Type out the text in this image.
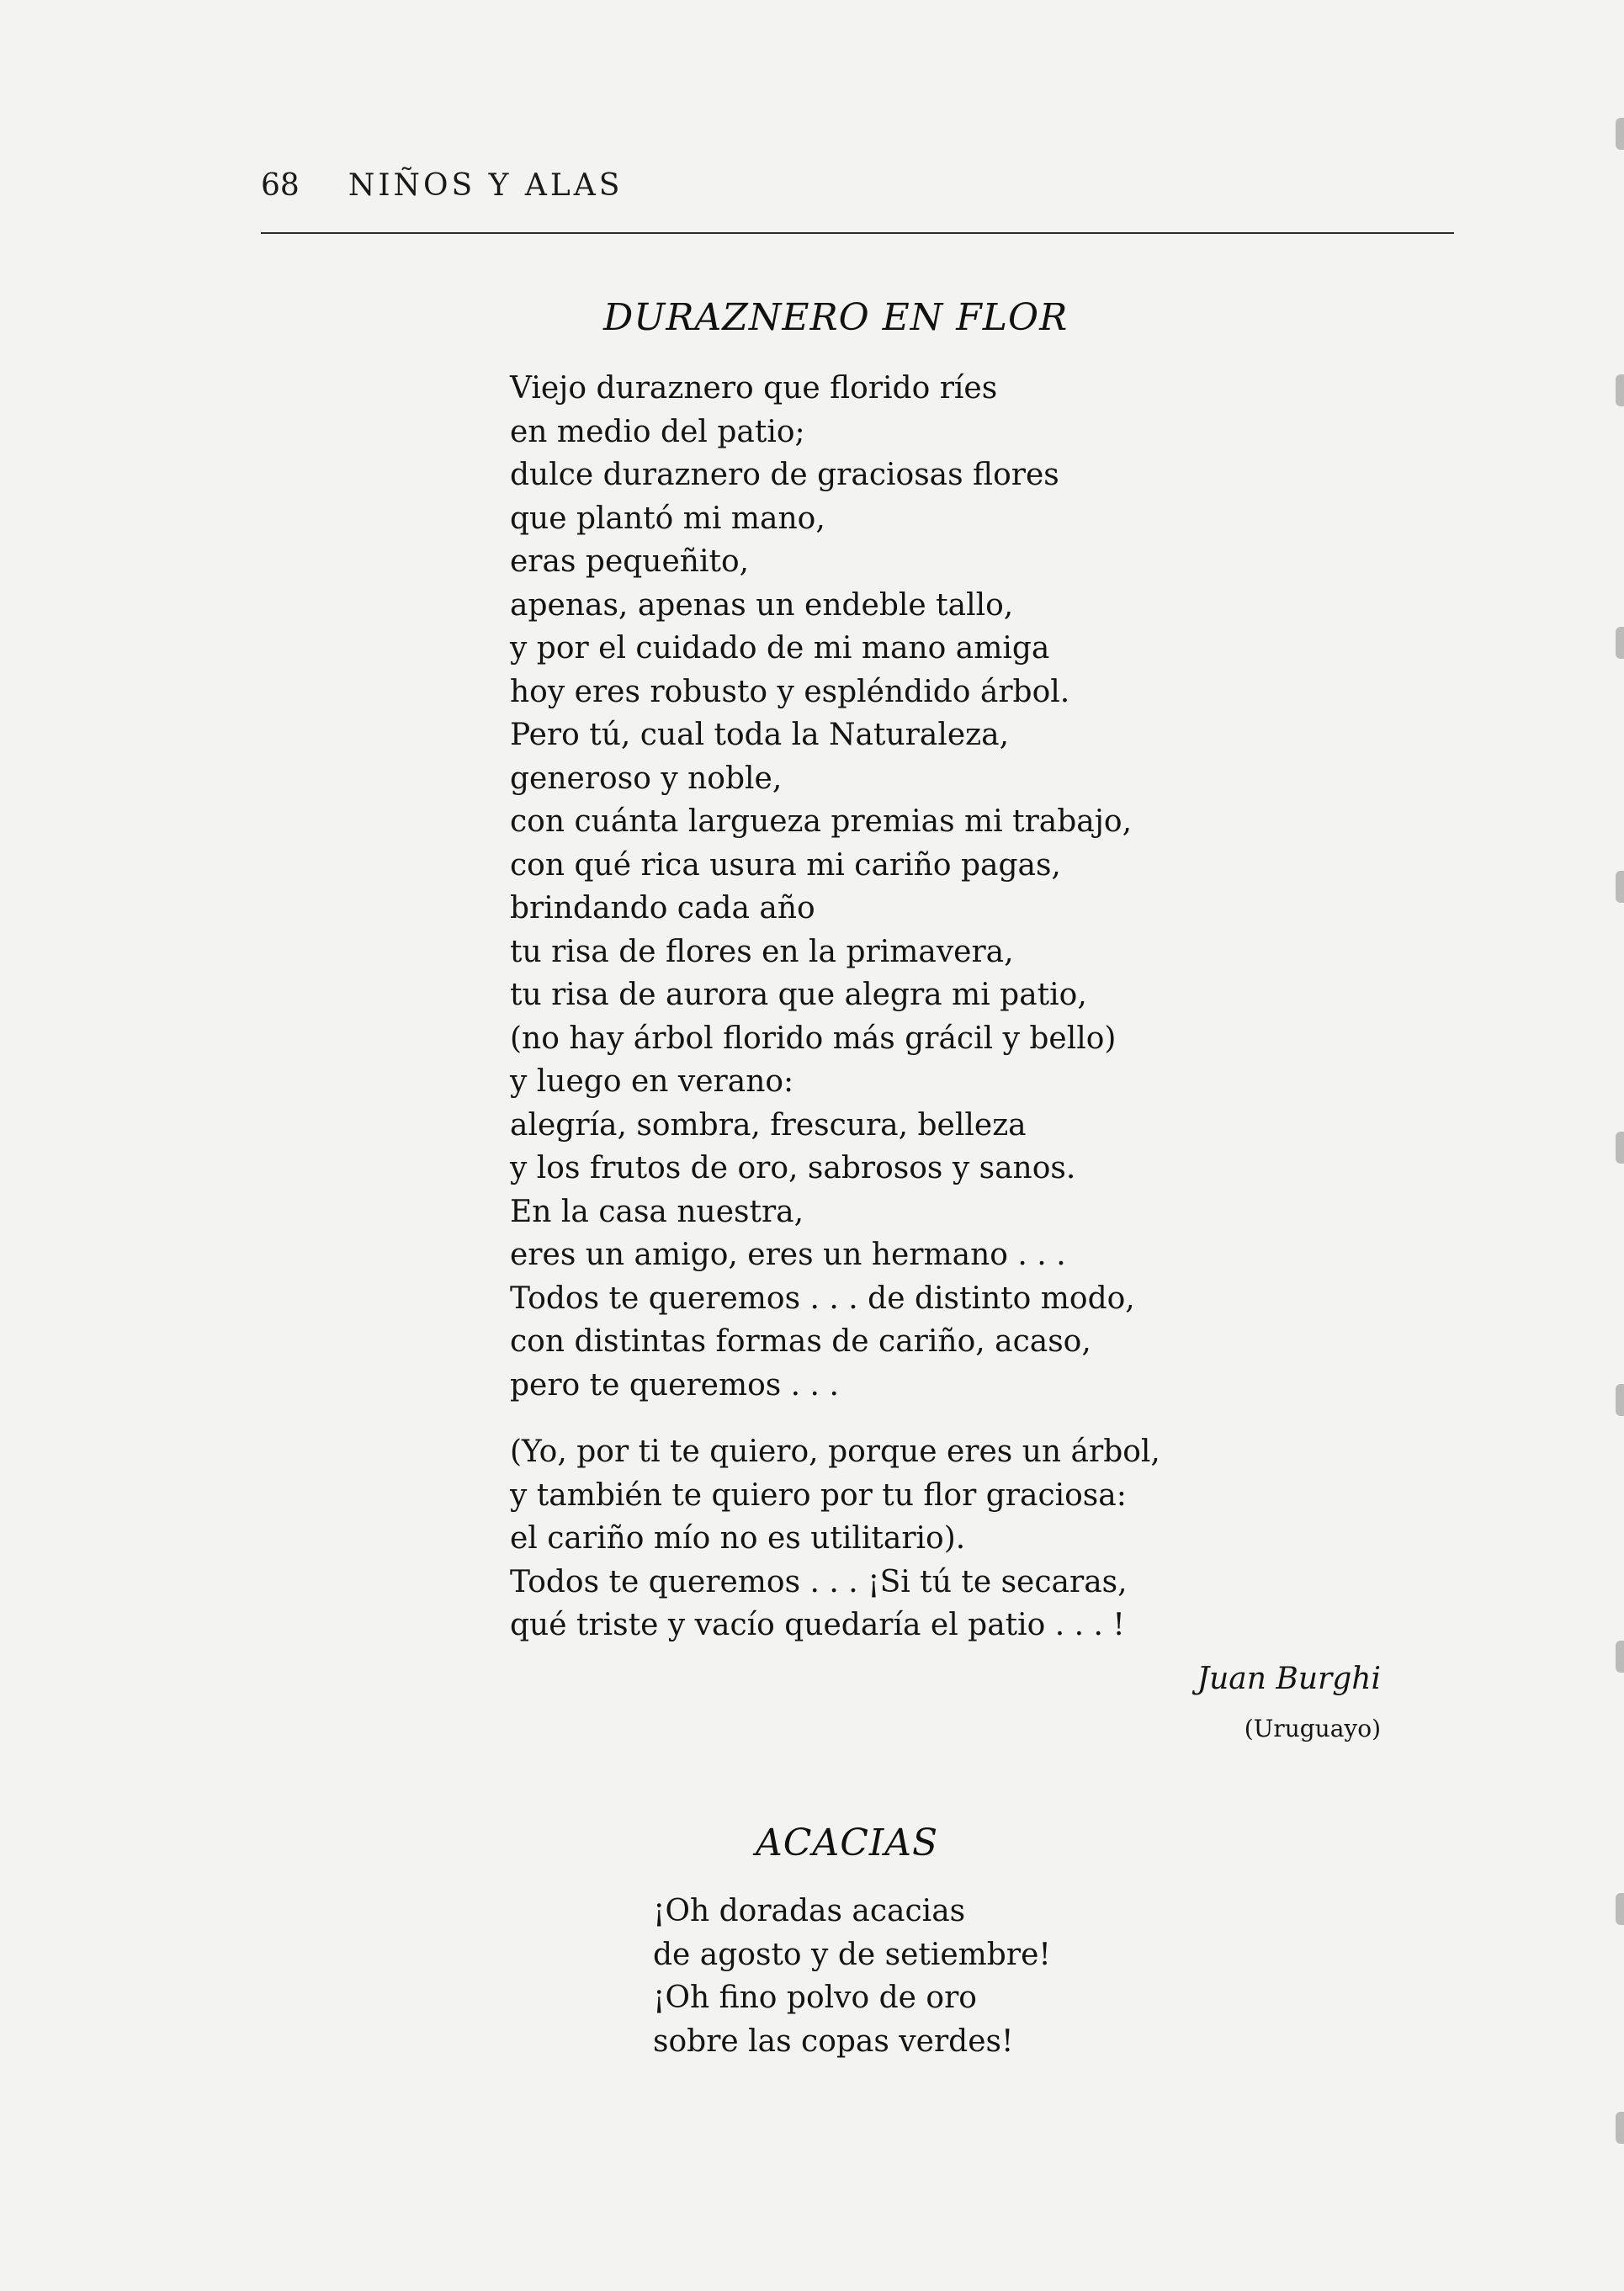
68 NIÑOS Y ALAS
DURAZNERO EN FLOR
Viejo duraznero que florido ríes
en medio del patio;
dulce duraznero de graciosas flores
que plantó mi mano,
eras pequeñito,
apenas, apenas un endeble tallo,
y por el cuidado de mi mano amiga
hoy eres robusto y espléndido árbol.
Pero tú, cual toda la Naturaleza,
generoso y noble,
con cuánta largueza premias mi trabajo,
con qué rica usura mi cariño pagas,
brindando cada año
tu risa de flores en la primavera,
tu risa de aurora que alegra mi patio,
(no hay árbol florido más grácil y bello)
y luego en verano:
alegría, sombra, frescura, belleza
y los frutos de oro, sabrosos y sanos.
En la casa nuestra,
eres un amigo, eres un hermano . . .
Todos te queremos . . . de distinto modo,
con distintas formas de cariño, acaso,
pero te queremos . . .
(Yo, por ti te quiero, porque eres un árbol,
y también te quiero por tu flor graciosa:
el cariño mío no es utilitario).
Todos te queremos . . . ¡Si tú te secaras,
qué triste y vacío quedaría el patio . . . !
Juan Burghi
(Uruguayo)
ACACIAS
¡Oh doradas acacias
de agosto y de setiembre!
¡Oh fino polvo de oro
sobre las copas verdes!
